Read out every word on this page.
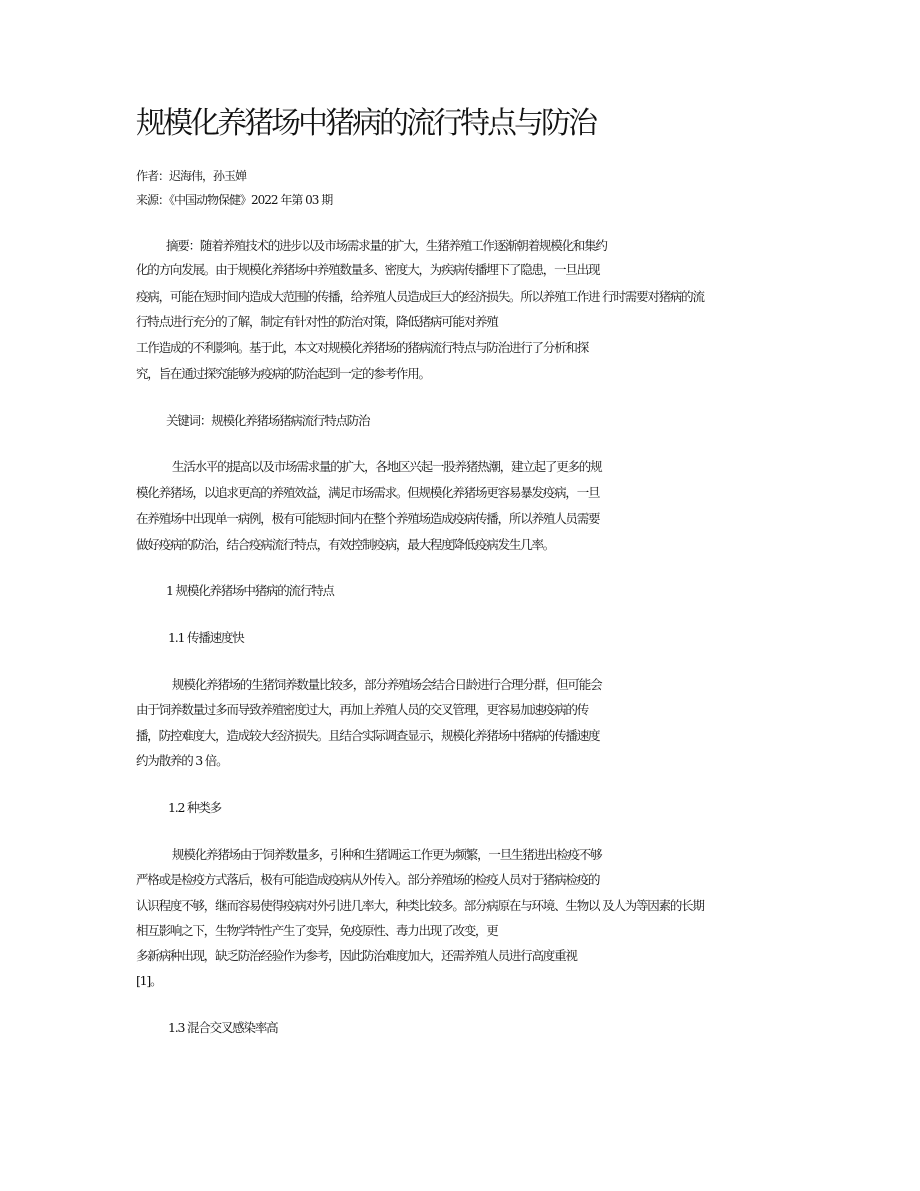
规模化养猪场中猪病的流行特点与防治
作者：迟海伟，孙玉婵
来源：《中国动物保健》2022 年第 03 期
摘要：随着养殖技术的进步以及市场需求量的扩大，生猪养殖工作逐渐朝着规模化和集约
化的方向发展。由于规模化养猪场中养殖数量多、密度大，为疾病传播埋下了隐患，一旦出现
疫病，可能在短时间内造成大范围的传播，给养殖人员造成巨大的经济损失。所以养殖工作进 行时需要对猪病的流
行特点进行充分的了解，制定有针对性的防治对策，降低猪病可能对养殖
工作造成的不利影响。基于此，本文对规模化养猪场的猪病流行特点与防治进行了分析和探
究，旨在通过探究能够为疫病的防治起到一定的参考作用。
关键词：规模化养猪场猪病流行特点防治
生活水平的提高以及市场需求量的扩大，各地区兴起一股养猪热潮，建立起了更多的规
模化养猪场，以追求更高的养殖效益，满足市场需求。但规模化养猪场更容易暴发疫病，一旦
在养殖场中出现单一病例，极有可能短时间内在整个养殖场造成疫病传播，所以养殖人员需要
做好疫病的防治，结合疫病流行特点，有效控制疫病，最大程度降低疫病发生几率。
1 规模化养猪场中猪病的流行特点
1.1 传播速度快
规模化养猪场的生猪饲养数量比较多，部分养殖场会结合日龄进行合理分群，但可能会
由于饲养数量过多而导致养殖密度过大，再加上养殖人员的交叉管理，更容易加速疫病的传
播，防控难度大，造成较大经济损失。且结合实际调查显示，规模化养猪场中猪病的传播速度
约为散养的 3 倍。
1.2 种类多
规模化养猪场由于饲养数量多，引种和生猪调运工作更为频繁，一旦生猪进出检疫不够
严格或是检疫方式落后，极有可能造成疫病从外传入。部分养殖场的检疫人员对于猪病检疫的
认识程度不够，继而容易使得疫病对外引进几率大，种类比较多。部分病原在与环境、生物以 及人为等因素的长期
相互影响之下，生物学特性产生了变异，免疫原性、毒力出现了改变，更
多新病种出现，缺乏防治经验作为参考，因此防治难度加大，还需养殖人员进行高度重视
[1]。
1.3 混合交叉感染率高
